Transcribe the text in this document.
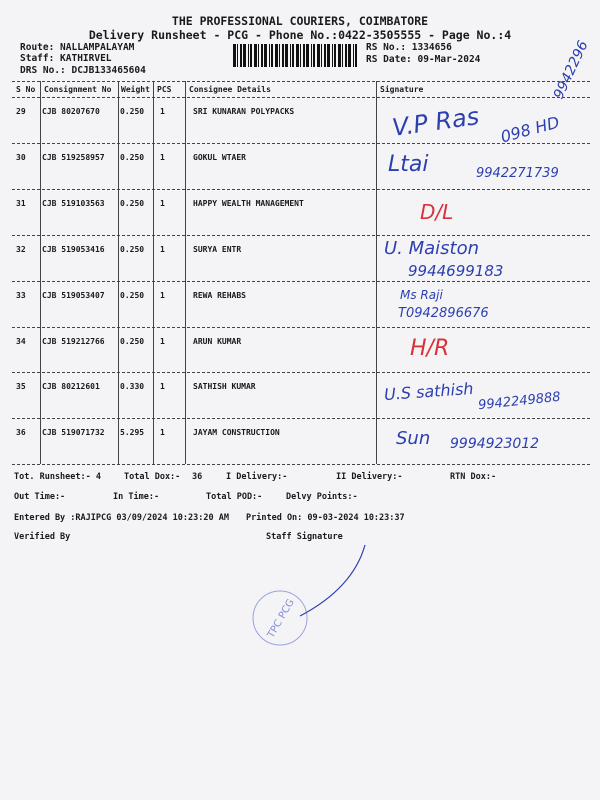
THE PROFESSIONAL COURIERS, COIMBATORE
Delivery Runsheet - PCG - Phone No.:0422-3505555 - Page No.:4
Route: NALLAMPALAYAM
Staff: KATHIRVEL
DRS No.: DCJB133465604
RS No.: 1334656
RS Date: 09-Mar-2024
S No Consignment No Weight PCS Consignee Details	Signature
29 CJB 80207670	0.250 1	SRI KUNARAN POLYPACKS
30 CJB 519258957 0.250 1	GOKUL WTAER
31 CJB 519103563 0.250 1	HAPPY WEALTH MANAGEMENT
32 CJB 519053416 0.250 1	SURYA ENTR
33 CJB 519053407 0.250 1	REWA REHABS
34 CJB 519212766 0.250 1	ARUN KUMAR
35 CJB 80212601	0.330 1	SATHISH KUMAR
36 CJB 519071732 5.295 1	JAYAM CONSTRUCTION
9942296
V.P Ras 098 HD
Ltai	9942271739
D/L
U. Maiston
9944699183
Ms Raji
T0942896676
H/R
U.S sathish 9942249888
Sun 9994923012
Tot. Runsheet:- 4	Total Dox:- 36	I Delivery:-	II Delivery:-	RTN Dox:-
Out Time:-	In Time:-	Total POD:-	Delvy Points:-
Entered By :RAJIPCG 03/09/2024 10:23:20 AM Printed On: 09-03-2024 10:23:37
Verified By	Staff Signature
TPC PCG
